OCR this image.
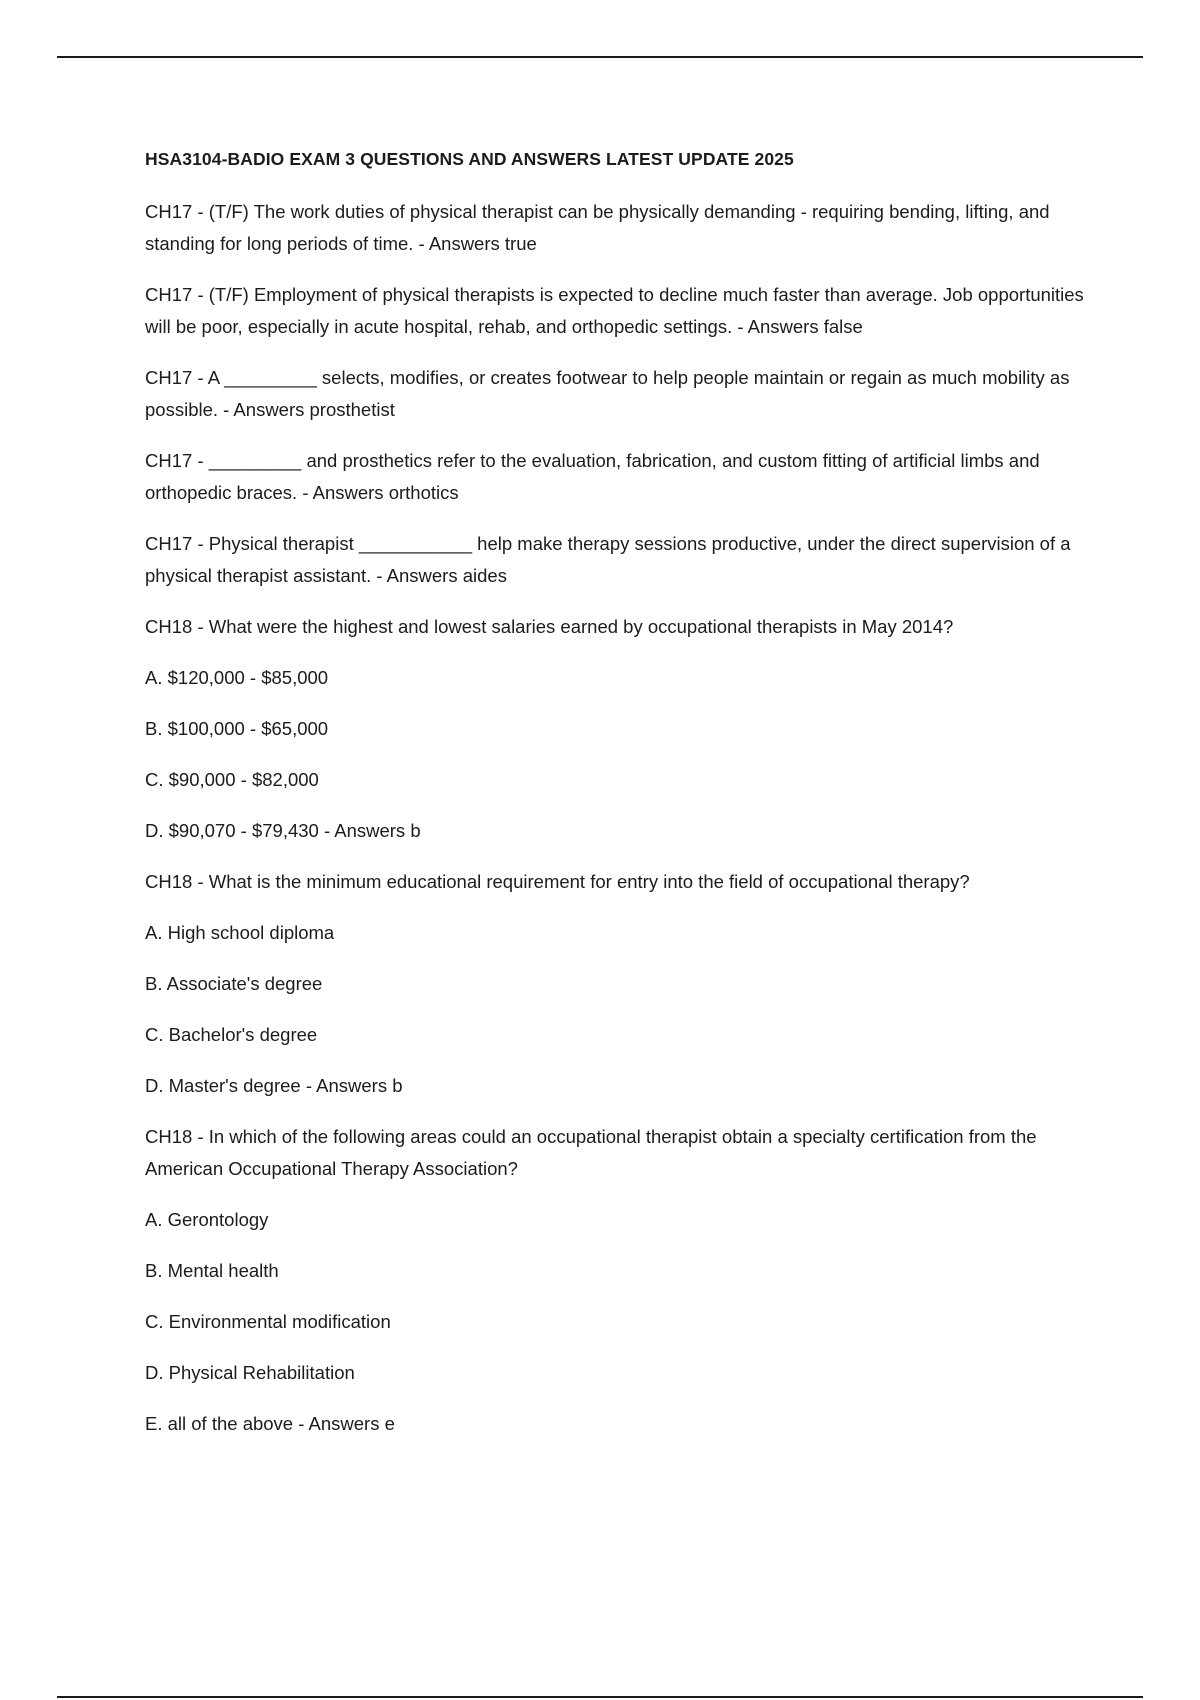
HSA3104-BADIO EXAM 3 QUESTIONS AND ANSWERS LATEST UPDATE 2025

CH17 - (T/F) The work duties of physical therapist can be physically demanding - requiring bending, lifting, and standing for long periods of time. - Answers true

CH17 - (T/F) Employment of physical therapists is expected to decline much faster than average. Job opportunities will be poor, especially in acute hospital, rehab, and orthopedic settings. - Answers false

CH17 - A _________ selects, modifies, or creates footwear to help people maintain or regain as much mobility as possible. - Answers prosthetist

CH17 - _________ and prosthetics refer to the evaluation, fabrication, and custom fitting of artificial limbs and orthopedic braces. - Answers orthotics

CH17 - Physical therapist ___________ help make therapy sessions productive, under the direct supervision of a physical therapist assistant. - Answers aides

CH18 - What were the highest and lowest salaries earned by occupational therapists in May 2014?

A. $120,000 - $85,000

B. $100,000 - $65,000

C. $90,000 - $82,000

D. $90,070 - $79,430 - Answers b

CH18 - What is the minimum educational requirement for entry into the field of occupational therapy?

A. High school diploma

B. Associate's degree

C. Bachelor's degree

D. Master's degree - Answers b

CH18 - In which of the following areas could an occupational therapist obtain a specialty certification from the American Occupational Therapy Association?

A. Gerontology

B. Mental health

C. Environmental modification

D. Physical Rehabilitation

E. all of the above - Answers e
